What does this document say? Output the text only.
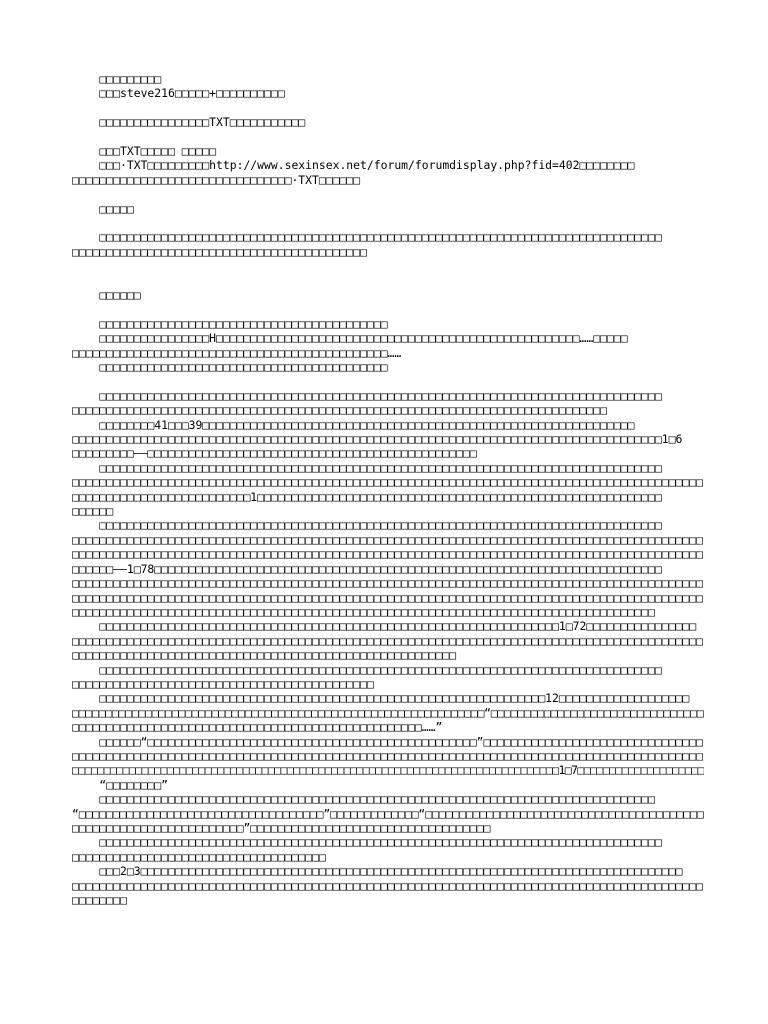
□□□□□□□□□
□□□steve216□□□□□+□□□□□□□□□□
□□□□□□□□□□□□□□□□TXT□□□□□□□□□□□
□□□TXT□□□□□ □□□□□
□□□·TXT□□□□□□□□□http://www.sexinsex.net/forum/forumdisplay.php?fid=402□□□□□□□□
□□□□□□□□□□□□□□□□□□□□□□□□□□□□□□□□·TXT□□□□□□
□□□□□
□□□□□□□□□□□□□□□□□□□□□□□□□□□□□□□□□□□□□□□□□□□□□□□□□□□□□□□□□□□□□□□□□□□□□□□□□□□□□□□□□□
□□□□□□□□□□□□□□□□□□□□□□□□□□□□□□□□□□□□□□□□□□□
□□□□□□
□□□□□□□□□□□□□□□□□□□□□□□□□□□□□□□□□□□□□□□□□□
□□□□□□□□□□□□□□□□H□□□□□□□□□□□□□□□□□□□□□□□□□□□□□□□□□□□□□□□□□□□□□□□□□□□□□……□□□□□
□□□□□□□□□□□□□□□□□□□□□□□□□□□□□□□□□□□□□□□□□□□□□□……
□□□□□□□□□□□□□□□□□□□□□□□□□□□□□□□□□□□□□□□□□□
□□□□□□□□□□□□□□□□□□□□□□□□□□□□□□□□□□□□□□□□□□□□□□□□□□□□□□□□□□□□□□□□□□□□□□□□□□□□□□□□□□
□□□□□□□□□□□□□□□□□□□□□□□□□□□□□□□□□□□□□□□□□□□□□□□□□□□□□□□□□□□□□□□□□□□□□□□□□□□□□□
□□□□□□□□41□□□39□□□□□□□□□□□□□□□□□□□□□□□□□□□□□□□□□□□□□□□□□□□□□□□□□□□□□□□□□□□□□□□
□□□□□□□□□□□□□□□□□□□□□□□□□□□□□□□□□□□□□□□□□□□□□□□□□□□□□□□□□□□□□□□□□□□□□□□□□□□□□□□□□□□□□□1□6
□□□□□□□□□——□□□□□□□□□□□□□□□□□□□□□□□□□□□□□□□□□□□□□□□□□□□□□□□□
□□□□□□□□□□□□□□□□□□□□□□□□□□□□□□□□□□□□□□□□□□□□□□□□□□□□□□□□□□□□□□□□□□□□□□□□□□□□□□□□□□
□□□□□□□□□□□□□□□□□□□□□□□□□□□□□□□□□□□□□□□□□□□□□□□□□□□□□□□□□□□□□□□□□□□□□□□□□□□□□□□□□□□□□□□□□□□□
□□□□□□□□□□□□□□□□□□□□□□□□□□1□□□□□□□□□□□□□□□□□□□□□□□□□□□□□□□□□□□□□□□□□□□□□□□□□□□□□□□□□□□
□□□□□□
□□□□□□□□□□□□□□□□□□□□□□□□□□□□□□□□□□□□□□□□□□□□□□□□□□□□□□□□□□□□□□□□□□□□□□□□□□□□□□□□□□
□□□□□□□□□□□□□□□□□□□□□□□□□□□□□□□□□□□□□□□□□□□□□□□□□□□□□□□□□□□□□□□□□□□□□□□□□□□□□□□□□□□□□□□□□□□□
□□□□□□□□□□□□□□□□□□□□□□□□□□□□□□□□□□□□□□□□□□□□□□□□□□□□□□□□□□□□□□□□□□□□□□□□□□□□□□□□□□□□□□□□□□□□
□□□□□□——1□78□□□□□□□□□□□□□□□□□□□□□□□□□□□□□□□□□□□□□□□□□□□□□□□□□□□□□□□□□□□□□□□□□□□□□□□□□□
□□□□□□□□□□□□□□□□□□□□□□□□□□□□□□□□□□□□□□□□□□□□□□□□□□□□□□□□□□□□□□□□□□□□□□□□□□□□□□□□□□□□□□□□□□□□
□□□□□□□□□□□□□□□□□□□□□□□□□□□□□□□□□□□□□□□□□□□□□□□□□□□□□□□□□□□□□□□□□□□□□□□□□□□□□□□□□□□□□□□□□□□□
□□□□□□□□□□□□□□□□□□□□□□□□□□□□□□□□□□□□□□□□□□□□□□□□□□□□□□□□□□□□□□□□□□□□□□□□□□□□□□□□□□□□□
□□□□□□□□□□□□□□□□□□□□□□□□□□□□□□□□□□□□□□□□□□□□□□□□□□□□□□□□□□□□□□□□□□□1□72□□□□□□□□□□□□□□□□
□□□□□□□□□□□□□□□□□□□□□□□□□□□□□□□□□□□□□□□□□□□□□□□□□□□□□□□□□□□□□□□□□□□□□□□□□□□□□□□□□□□□□□□□□□□□
□□□□□□□□□□□□□□□□□□□□□□□□□□□□□□□□□□□□□□□□□□□□□□□□□□□□□□□□
□□□□□□□□□□□□□□□□□□□□□□□□□□□□□□□□□□□□□□□□□□□□□□□□□□□□□□□□□□□□□□□□□□□□□□□□□□□□□□□□□□
□□□□□□□□□□□□□□□□□□□□□□□□□□□□□□□□□□□□□□□□□□□□
□□□□□□□□□□□□□□□□□□□□□□□□□□□□□□□□□□□□□□□□□□□□□□□□□□□□□□□□□□□□□□□□□12□□□□□□□□□□□□□□□□□□□
□□□□□□□□□□□□□□□□□□□□□□□□□□□□□□□□□□□□□□□□□□□□□□□□□□□□□□□□□□□□□□“□□□□□□□□□□□□□□□□□□□□□□□□□□□□□□□□
□□□□□□□□□□□□□□□□□□□□□□□□□□□□□□□□□□□□□□□□□□□□□□□□□□□……”
□□□□□□“□□□□□□□□□□□□□□□□□□□□□□□□□□□□□□□□□□□□□□□□□□□□□□□□”□□□□□□□□□□□□□□□□□□□□□□□□□□□□□□□□
□□□□□□□□□□□□□□□□□□□□□□□□□□□□□□□□□□□□□□□□□□□□□□□□□□□□□□□□□□□□□□□□□□□□□□□□□□□□□□□□□□□□□□□□□□□□
□□□□□□□□□□□□□□□□□□□□□□□□□□□□□□□□□□□□□□□□□□□□□□□□□□□□□□□□□□□□□□□□□□□□□□□□□□□□□1□7□□□□□□□□□□□□□□□□□□□□
“□□□□□□□□”
□□□□□□□□□□□□□□□□□□□□□□□□□□□□□□□□□□□□□□□□□□□□□□□□□□□□□□□□□□□□□□□□□□□□□□□□□□□□□□□□□
“□□□□□□□□□□□□□□□□□□□□□□□□□□□□□□□□□□□□”□□□□□□□□□□□□□“□□□□□□□□□□□□□□□□□□□□□□□□□□□□□□□□□□□□□□□□□
□□□□□□□□□□□□□□□□□□□□□□□□□”□□□□□□□□□□□□□□□□□□□□□□□□□□□□□□□□□□□
□□□□□□□□□□□□□□□□□□□□□□□□□□□□□□□□□□□□□□□□□□□□□□□□□□□□□□□□□□□□□□□□□□□□□□□□□□□□□□□□□□
□□□□□□□□□□□□□□□□□□□□□□□□□□□□□□□□□□□□□
□□□2□3□□□□□□□□□□□□□□□□□□□□□□□□□□□□□□□□□□□□□□□□□□□□□□□□□□□□□□□□□□□□□□□□□□□□□□□□□□□□□□□
□□□□□□□□□□□□□□□□□□□□□□□□□□□□□□□□□□□□□□□□□□□□□□□□□□□□□□□□□□□□□□□□□□□□□□□□□□□□□□□□□□□□□□□□□□□□
□□□□□□□□
